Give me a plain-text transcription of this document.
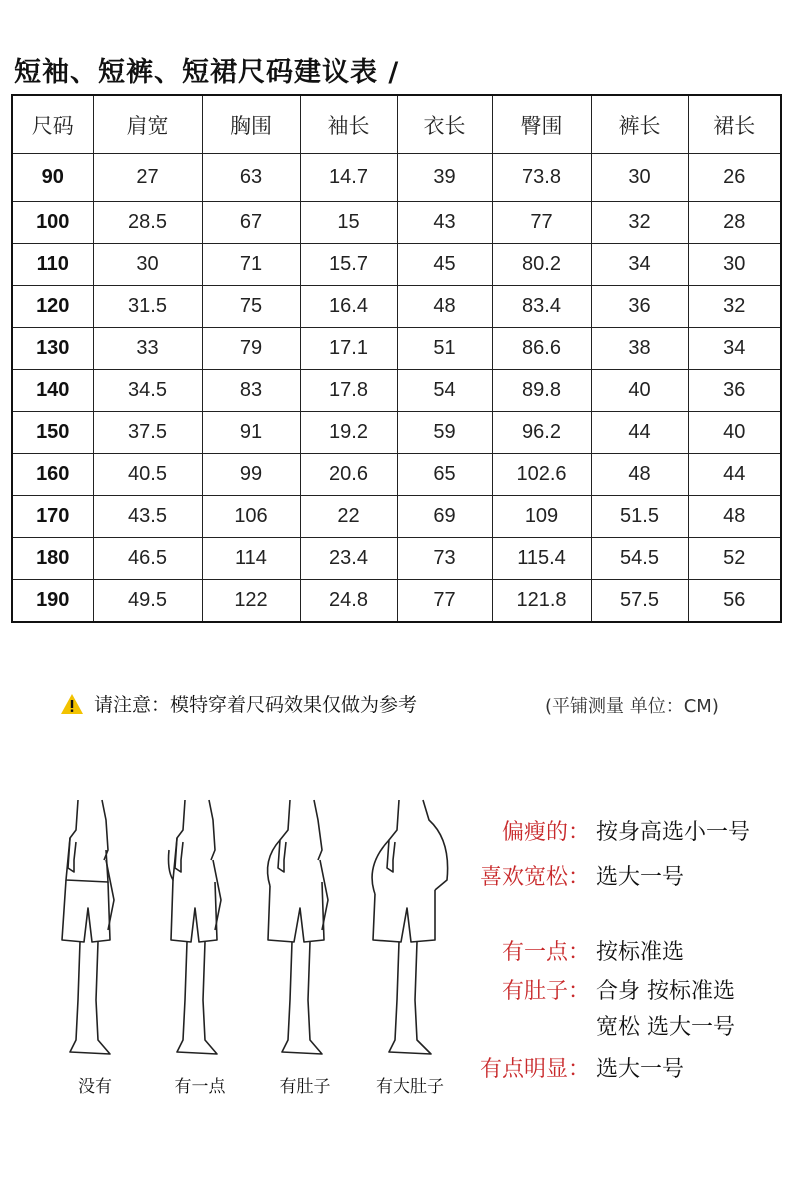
短袖、短裤、短裙尺码建议表 /
尺码	肩宽	胸围	袖长	衣长	臀围	裤长	裙长
90	27	63	14.7	39	73.8	30	26
100	28.5	67	15	43	77	32	28
110	30	71	15.7	45	80.2	34	30
120	31.5	75	16.4	48	83.4	36	32
130	33	79	17.1	51	86.6	38	34
140	34.5	83	17.8	54	89.8	40	36
150	37.5	91	19.2	59	96.2	44	40
160	40.5	99	20.6	65	102.6	48	44
170	43.5	106	22	69	109	51.5	48
180	46.5	114	23.4	73	115.4	54.5	52
190	49.5	122	24.8	77	121.8	57.5	56
请注意：模特穿着尺码效果仅做为参考	(平铺测量 单位：CM)
没有	有一点	有肚子	有大肚子
偏瘦的： 按身高选小一号
喜欢宽松： 选大一号
有一点： 按标准选
有肚子： 合身 按标准选
宽松 选大一号
有点明显： 选大一号
